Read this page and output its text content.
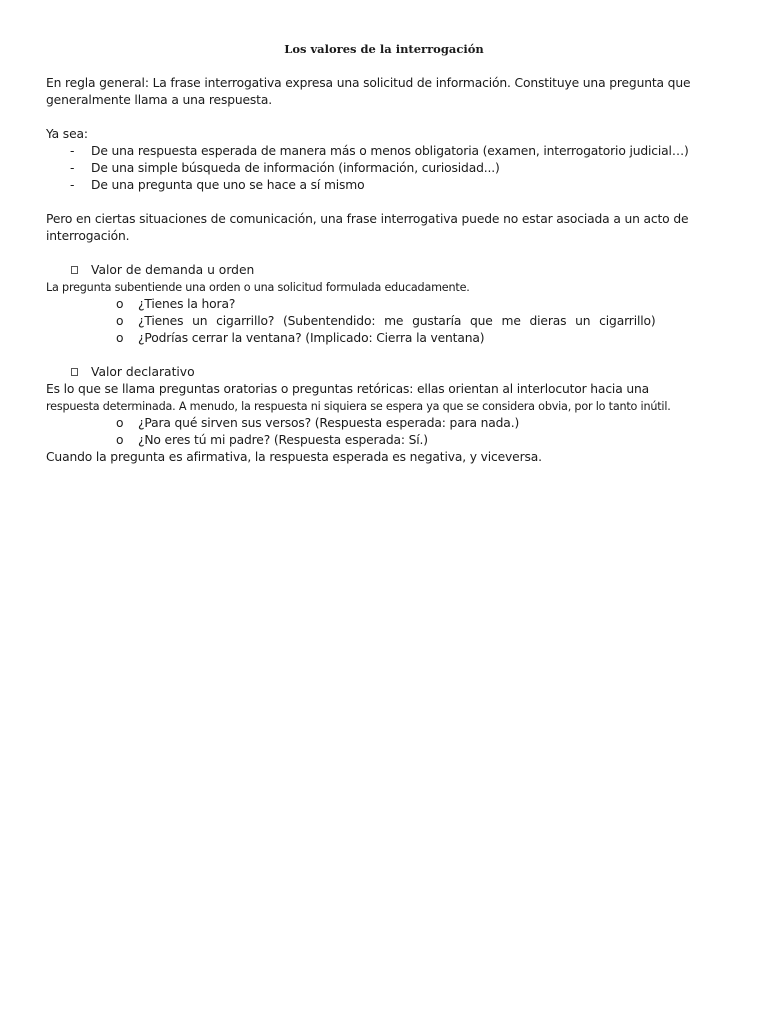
Los valores de la interrogación
En regla general: La frase interrogativa expresa una solicitud de información. Constituye una pregunta que generalmente llama a una respuesta.
Ya sea:
- De una respuesta esperada de manera más o menos obligatoria (examen, interrogatorio judicial…)
- De una simple búsqueda de información (información, curiosidad...)
- De una pregunta que uno se hace a sí mismo
Pero en ciertas situaciones de comunicación, una frase interrogativa puede no estar asociada a un acto de interrogación.
Valor de demanda u orden
La pregunta subentiende una orden o una solicitud formulada educadamente.
o ¿Tienes la hora?
o ¿Tienes un cigarrillo? (Subentendido: me gustaría que me dieras un cigarrillo)
o ¿Podrías cerrar la ventana? (Implicado: Cierra la ventana)
Valor declarativo
Es lo que se llama preguntas oratorias o preguntas retóricas: ellas orientan al interlocutor hacia una
respuesta determinada. A menudo, la respuesta ni siquiera se espera ya que se considera obvia, por lo tanto inútil.
o ¿Para qué sirven sus versos? (Respuesta esperada: para nada.)
o ¿No eres tú mi padre? (Respuesta esperada: Sí.)
Cuando la pregunta es afirmativa, la respuesta esperada es negativa, y viceversa.
